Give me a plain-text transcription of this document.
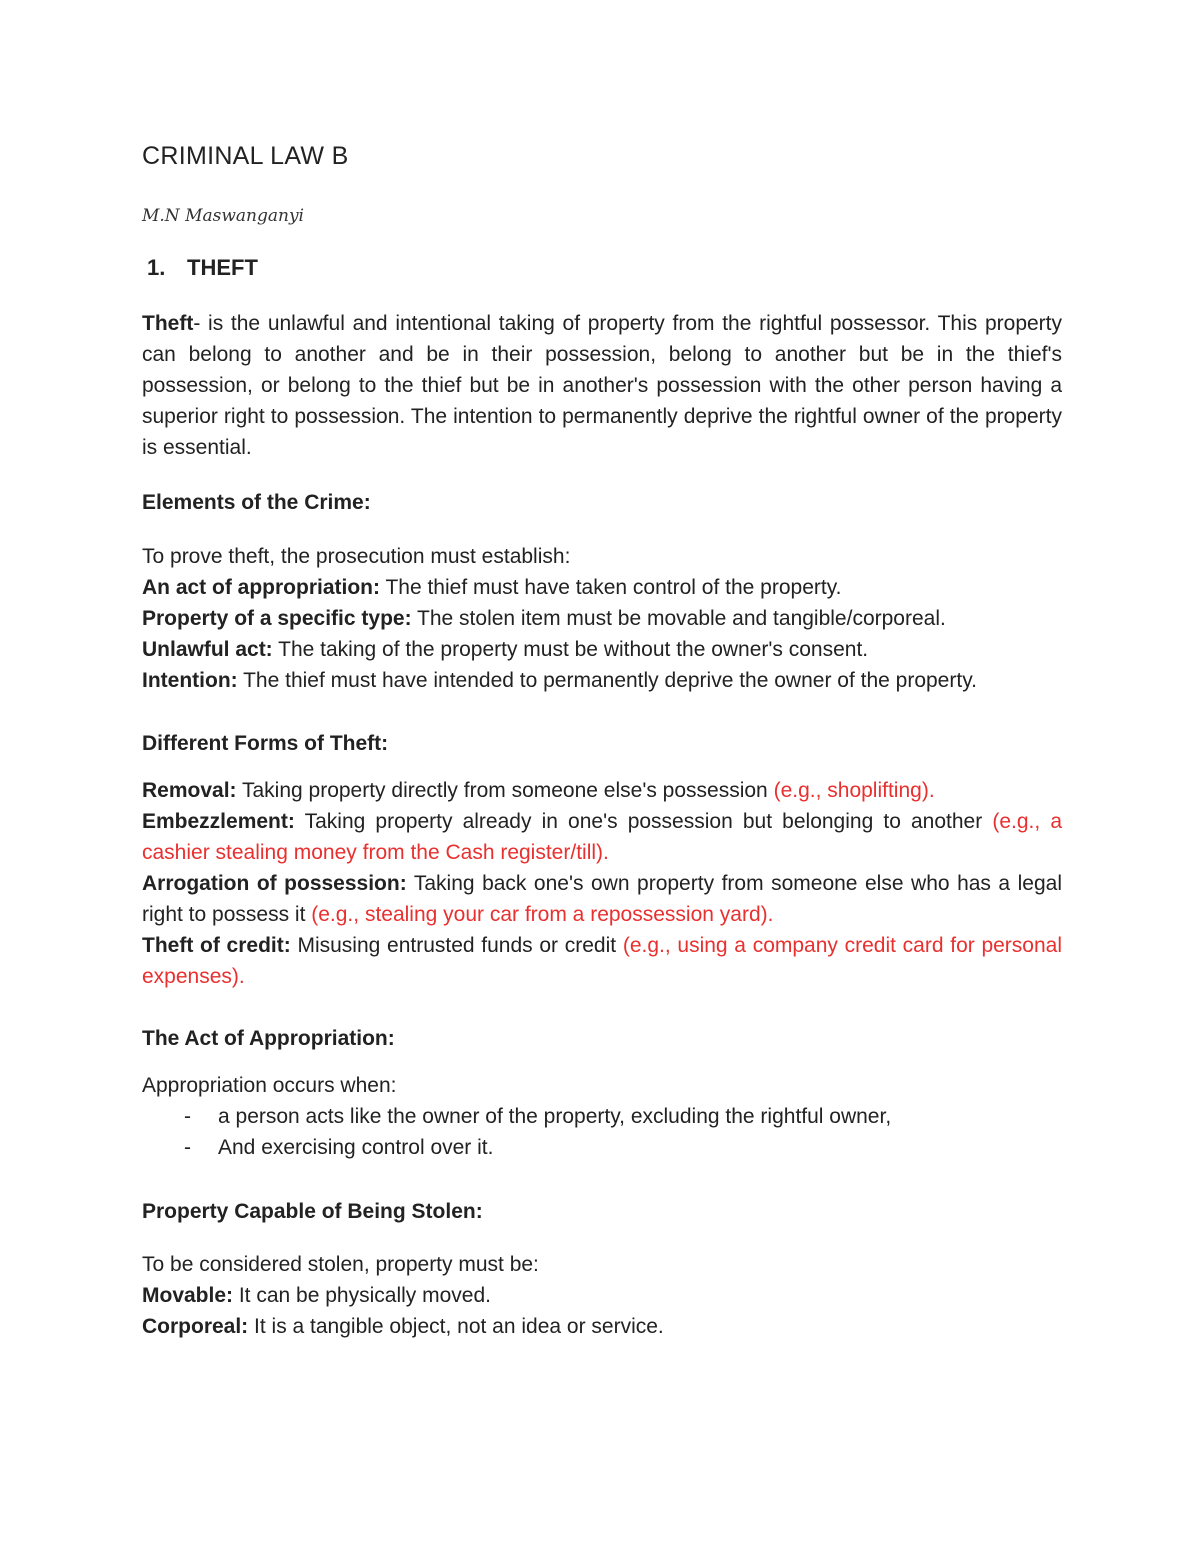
CRIMINAL LAW B

M.N Maswanganyi

1. THEFT

Theft- is the unlawful and intentional taking of property from the rightful possessor. This property can belong to another and be in their possession, belong to another but be in the thief's possession, or belong to the thief but be in another's possession with the other person having a superior right to possession. The intention to permanently deprive the rightful owner of the property is essential.

Elements of the Crime:
To prove theft, the prosecution must establish:
An act of appropriation: The thief must have taken control of the property.
Property of a specific type: The stolen item must be movable and tangible/corporeal.
Unlawful act: The taking of the property must be without the owner's consent.
Intention: The thief must have intended to permanently deprive the owner of the property.
Different Forms of Theft:
Removal: Taking property directly from someone else's possession (e.g., shoplifting).
Embezzlement: Taking property already in one's possession but belonging to another (e.g., a cashier stealing money from the Cash register/till).
Arrogation of possession: Taking back one's own property from someone else who has a legal right to possess it (e.g., stealing your car from a repossession yard).
Theft of credit: Misusing entrusted funds or credit (e.g., using a company credit card for personal expenses).
The Act of Appropriation:
Appropriation occurs when:
- a person acts like the owner of the property, excluding the rightful owner,
- And exercising control over it.
Property Capable of Being Stolen:
To be considered stolen, property must be:
Movable: It can be physically moved.
Corporeal: It is a tangible object, not an idea or service.
